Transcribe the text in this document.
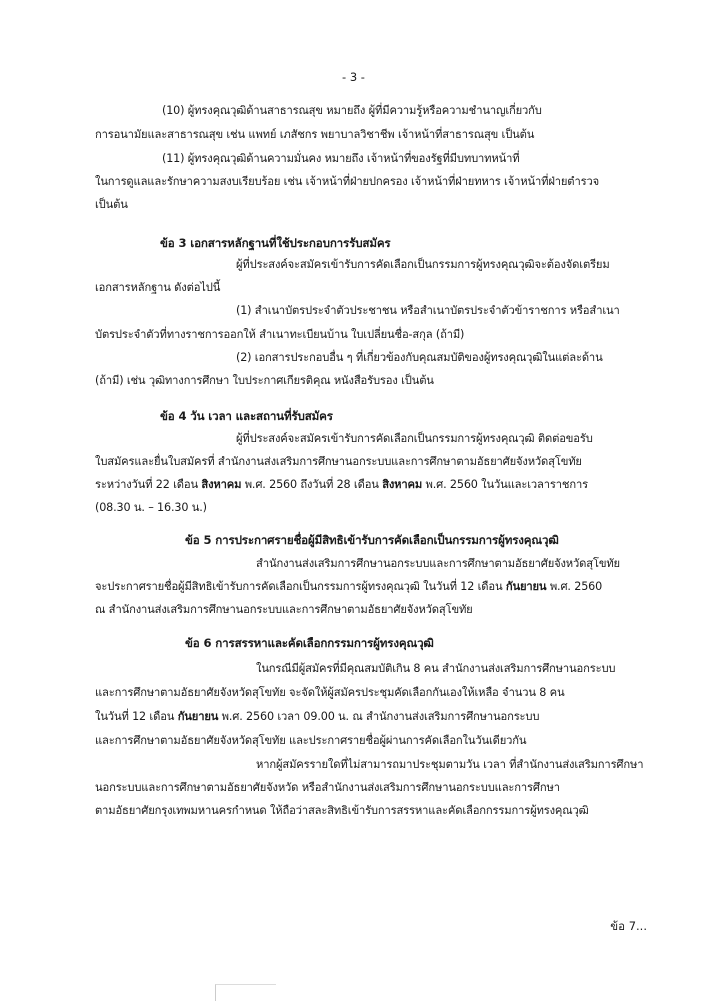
- 3 -
(10) ผู้ทรงคุณวุฒิด้านสาธารณสุข หมายถึง ผู้ที่มีความรู้หรือความชำนาญเกี่ยวกับ
การอนามัยและสาธารณสุข เช่น แพทย์ เภสัชกร พยาบาลวิชาชีพ เจ้าหน้าที่สาธารณสุข เป็นต้น
(11) ผู้ทรงคุณวุฒิด้านความมั่นคง หมายถึง เจ้าหน้าที่ของรัฐที่มีบทบาทหน้าที่
ในการดูแลและรักษาความสงบเรียบร้อย เช่น เจ้าหน้าที่ฝ่ายปกครอง เจ้าหน้าที่ฝ่ายทหาร เจ้าหน้าที่ฝ่ายตำรวจ
เป็นต้น
ข้อ 3 เอกสารหลักฐานที่ใช้ประกอบการรับสมัคร
ผู้ที่ประสงค์จะสมัครเข้ารับการคัดเลือกเป็นกรรมการผู้ทรงคุณวุฒิจะต้องจัดเตรียม
เอกสารหลักฐาน ดังต่อไปนี้
(1) สำเนาบัตรประจำตัวประชาชน หรือสำเนาบัตรประจำตัวข้าราชการ หรือสำเนา
บัตรประจำตัวที่ทางราชการออกให้ สำเนาทะเบียนบ้าน ใบเปลี่ยนชื่อ-สกุล (ถ้ามี)
(2) เอกสารประกอบอื่น ๆ ที่เกี่ยวข้องกับคุณสมบัติของผู้ทรงคุณวุฒิในแต่ละด้าน
(ถ้ามี) เช่น วุฒิทางการศึกษา ใบประกาศเกียรติคุณ หนังสือรับรอง เป็นต้น
ข้อ 4 วัน เวลา และสถานที่รับสมัคร
ผู้ที่ประสงค์จะสมัครเข้ารับการคัดเลือกเป็นกรรมการผู้ทรงคุณวุฒิ ติดต่อขอรับ
ใบสมัครและยื่นใบสมัครที่ สำนักงานส่งเสริมการศึกษานอกระบบและการศึกษาตามอัธยาศัยจังหวัดสุโขทัย
ระหว่างวันที่ 22 เดือน สิงหาคม พ.ศ. 2560 ถึงวันที่ 28 เดือน สิงหาคม พ.ศ. 2560 ในวันและเวลาราชการ
(08.30 น. – 16.30 น.)
ข้อ 5 การประกาศรายชื่อผู้มีสิทธิเข้ารับการคัดเลือกเป็นกรรมการผู้ทรงคุณวุฒิ
สำนักงานส่งเสริมการศึกษานอกระบบและการศึกษาตามอัธยาศัยจังหวัดสุโขทัย
จะประกาศรายชื่อผู้มีสิทธิเข้ารับการคัดเลือกเป็นกรรมการผู้ทรงคุณวุฒิ ในวันที่ 12 เดือน กันยายน พ.ศ. 2560
ณ สำนักงานส่งเสริมการศึกษานอกระบบและการศึกษาตามอัธยาศัยจังหวัดสุโขทัย
ข้อ 6 การสรรหาและคัดเลือกกรรมการผู้ทรงคุณวุฒิ
ในกรณีมีผู้สมัครที่มีคุณสมบัติเกิน 8 คน สำนักงานส่งเสริมการศึกษานอกระบบ
และการศึกษาตามอัธยาศัยจังหวัดสุโขทัย จะจัดให้ผู้สมัครประชุมคัดเลือกกันเองให้เหลือ จำนวน 8 คน
ในวันที่ 12 เดือน กันยายน พ.ศ. 2560 เวลา 09.00 น. ณ สำนักงานส่งเสริมการศึกษานอกระบบ
และการศึกษาตามอัธยาศัยจังหวัดสุโขทัย และประกาศรายชื่อผู้ผ่านการคัดเลือกในวันเดียวกัน
หากผู้สมัครรายใดที่ไม่สามารถมาประชุมตามวัน เวลา ที่สำนักงานส่งเสริมการศึกษา
นอกระบบและการศึกษาตามอัธยาศัยจังหวัด หรือสำนักงานส่งเสริมการศึกษานอกระบบและการศึกษา
ตามอัธยาศัยกรุงเทพมหานครกำหนด ให้ถือว่าสละสิทธิเข้ารับการสรรหาและคัดเลือกกรรมการผู้ทรงคุณวุฒิ
ข้อ 7...
